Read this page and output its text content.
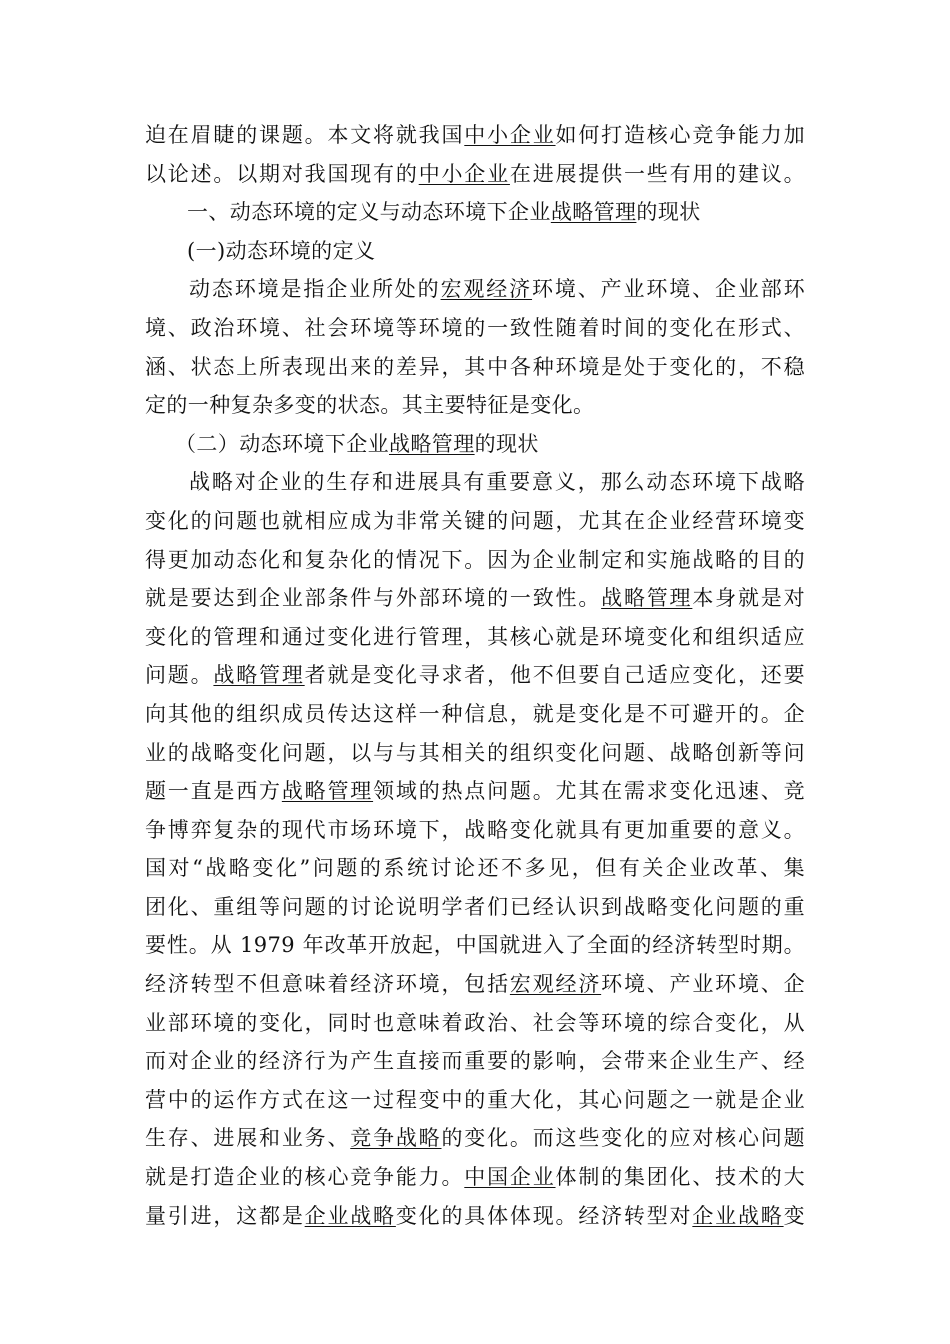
迫在眉睫的课题。本文将就我国中小企业如何打造核心竞争能力加
以论述。以期对我国现有的中小企业在进展提供一些有用的建议。
一、动态环境的定义与动态环境下企业战略管理的现状
(一)动态环境的定义
动态环境是指企业所处的宏观经济环境、产业环境、企业部环
境、政治环境、社会环境等环境的一致性随着时间的变化在形式、
涵、状态上所表现出来的差异，其中各种环境是处于变化的，不稳
定的一种复杂多变的状态。其主要特征是变化。
（二）动态环境下企业战略管理的现状
战略对企业的生存和进展具有重要意义，那么动态环境下战略
变化的问题也就相应成为非常关键的问题，尤其在企业经营环境变
得更加动态化和复杂化的情况下。因为企业制定和实施战略的目的
就是要达到企业部条件与外部环境的一致性。战略管理本身就是对
变化的管理和通过变化进行管理，其核心就是环境变化和组织适应
问题。战略管理者就是变化寻求者，他不但要自己适应变化，还要
向其他的组织成员传达这样一种信息，就是变化是不可避开的。企
业的战略变化问题，以与与其相关的组织变化问题、战略创新等问
题一直是西方战略管理领域的热点问题。尤其在需求变化迅速、竞
争博弈复杂的现代市场环境下，战略变化就具有更加重要的意义。
国对“战略变化”问题的系统讨论还不多见，但有关企业改革、集
团化、重组等问题的讨论说明学者们已经认识到战略变化问题的重
要性。从 1979 年改革开放起，中国就进入了全面的经济转型时期。
经济转型不但意味着经济环境，包括宏观经济环境、产业环境、企
业部环境的变化，同时也意味着政治、社会等环境的综合变化，从
而对企业的经济行为产生直接而重要的影响，会带来企业生产、经
营中的运作方式在这一过程变中的重大化，其心问题之一就是企业
生存、进展和业务、竞争战略的变化。而这些变化的应对核心问题
就是打造企业的核心竞争能力。中国企业体制的集团化、技术的大
量引进，这都是企业战略变化的具体体现。经济转型对企业战略变
